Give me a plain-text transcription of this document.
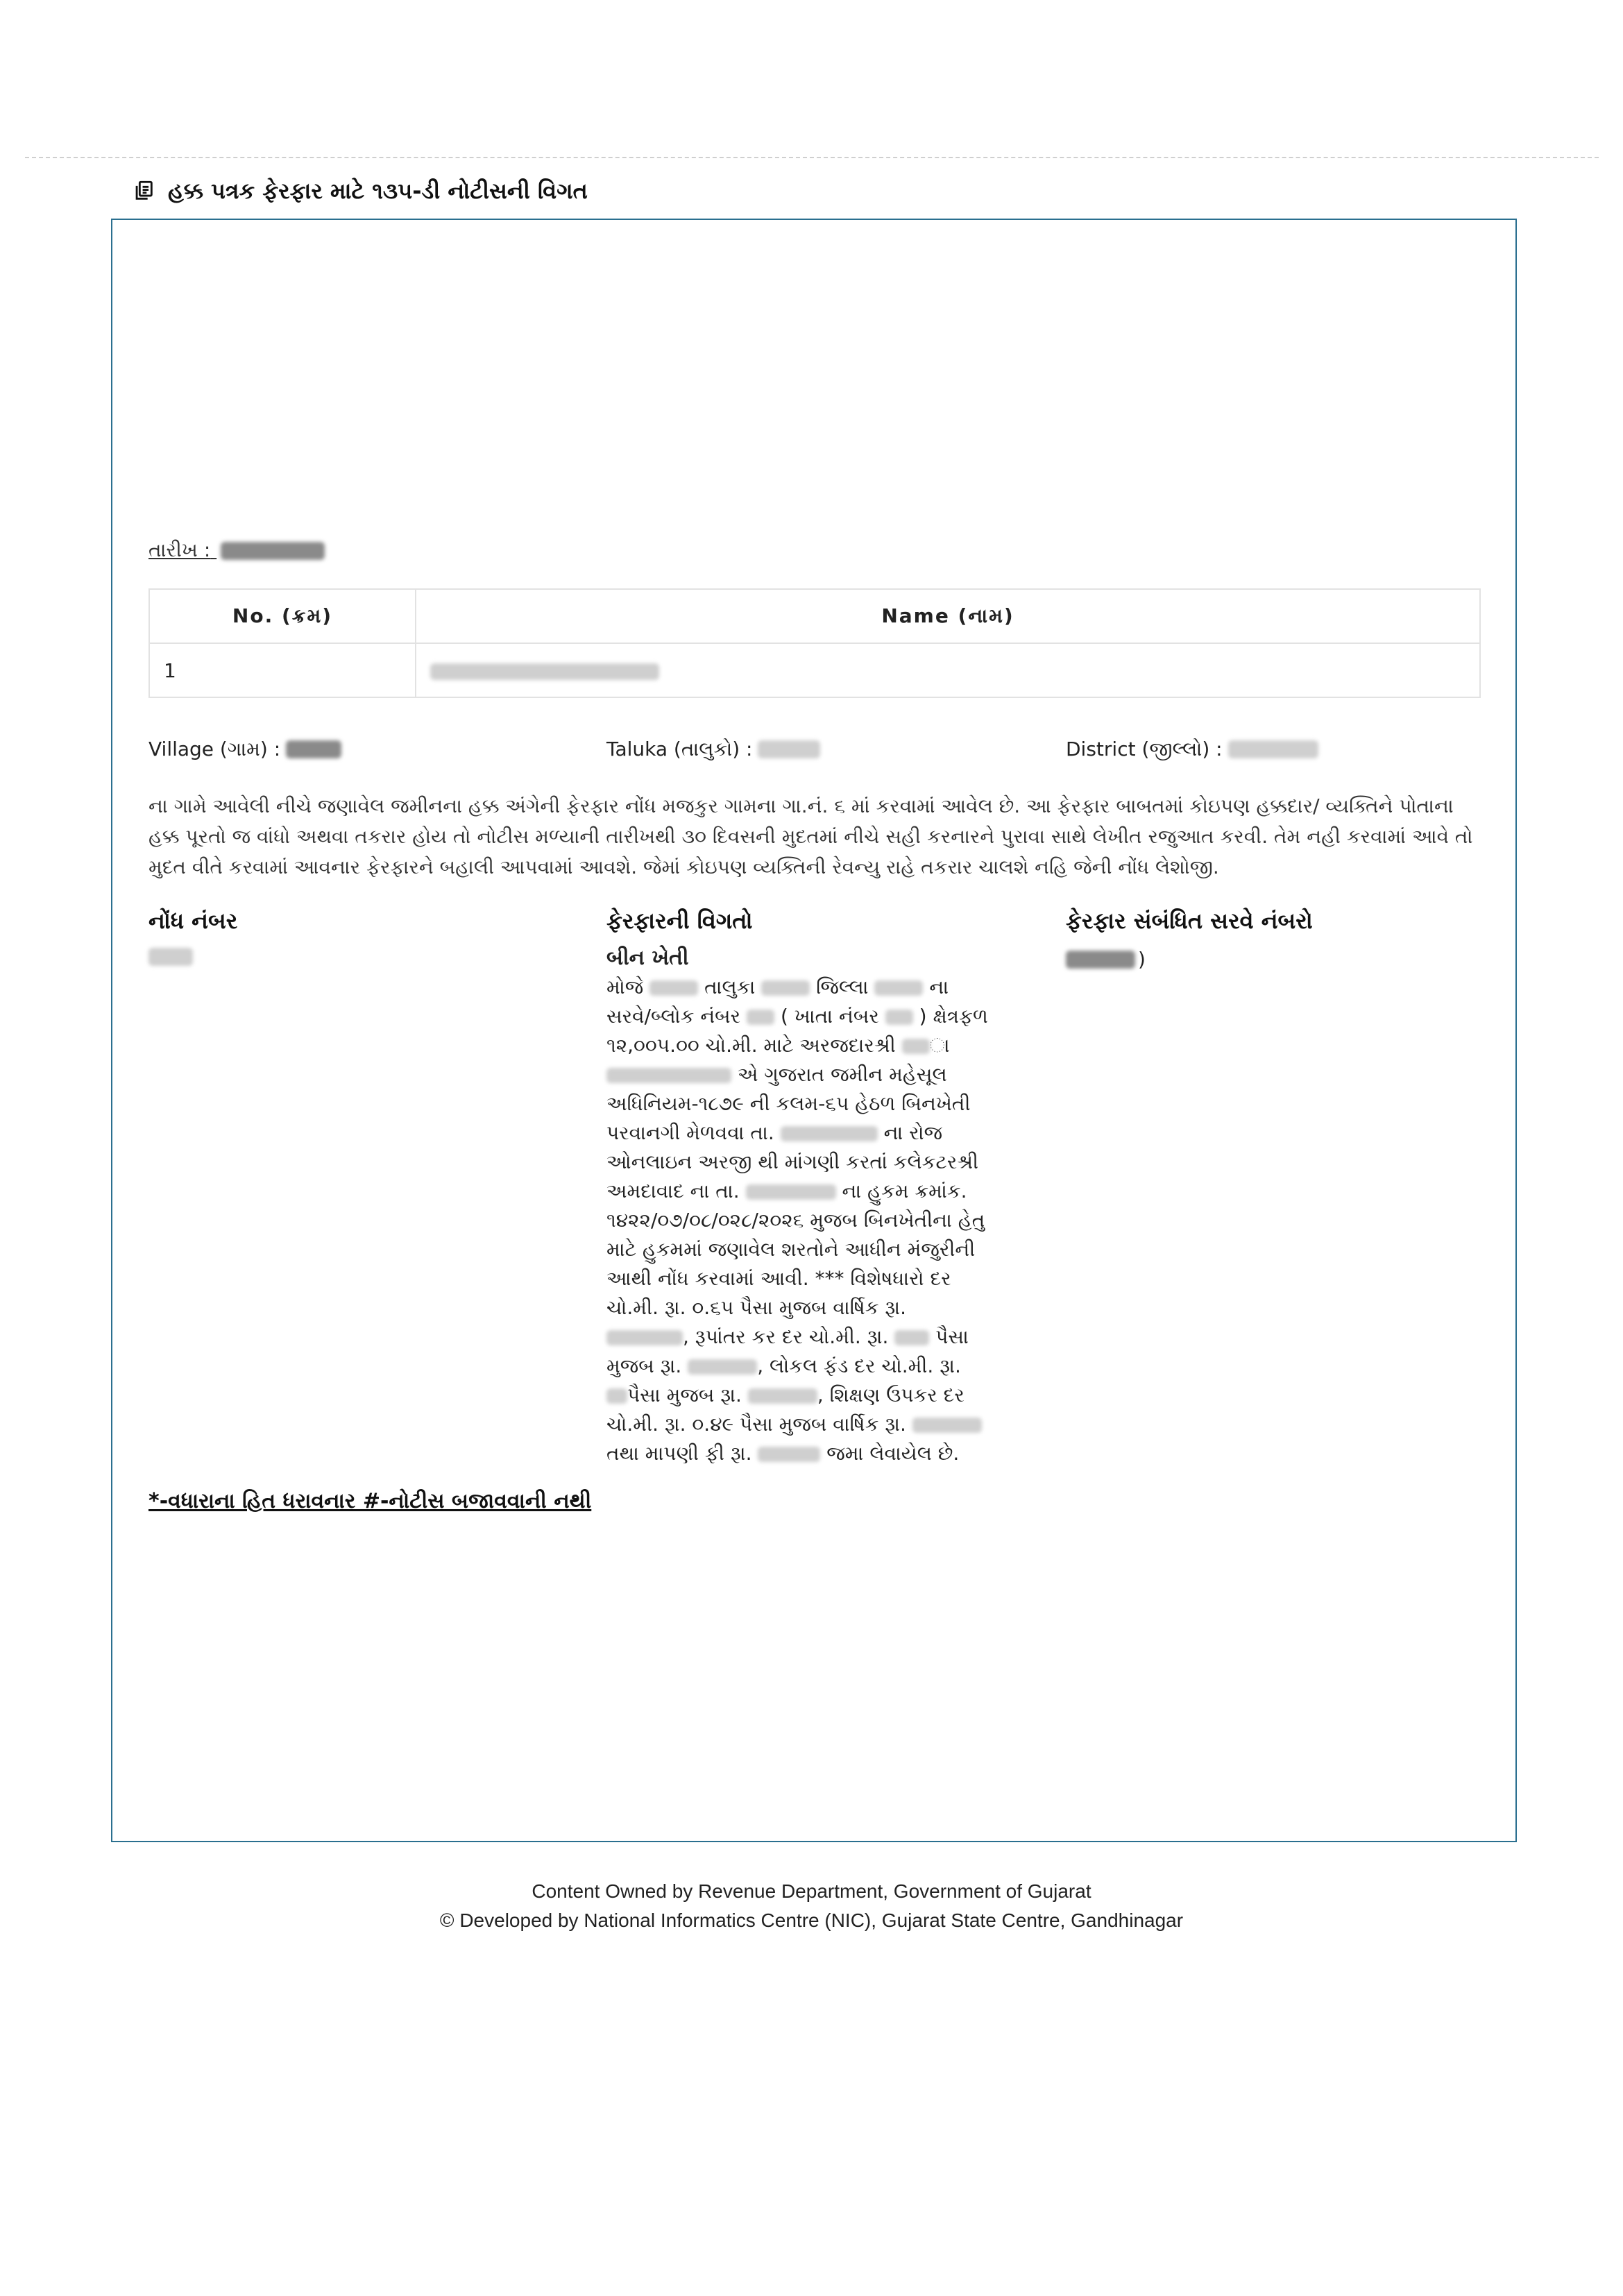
હક્ક પત્રક ફેરફાર માટે ૧૩૫-ડી નોટીસની વિગત
તારીખ :
No. (ક્રમ)	Name (નામ)
1	
Village (ગામ) :	Taluka (તાલુકો) :	District (જીલ્લો) :
ના ગામે આવેલી નીચે જણાવેલ જમીનના હક્ક અંગેની ફેરફાર નોંધ મજકુર ગામના ગા.નં. ૬ માં કરવામાં આવેલ છે. આ ફેરફાર બાબતમાં કોઇપણ હક્કદાર/ વ્યક્તિને પોતાના હક્ક પૂરતો જ વાંધો અથવા તકરાર હોય તો નોટીસ મળ્યાની તારીખથી ૩૦ દિવસની મુદતમાં નીચે સહી કરનારને પુરાવા સાથે લેખીત રજુઆત કરવી. તેમ નહી કરવામાં આવે તો મુદત વીતે કરવામાં આવનાર ફેરફારને બહાલી આપવામાં આવશે. જેમાં કોઇપણ વ્યક્તિની રેવન્યુ રાહે તકરાર ચાલશે નહિ જેની નોંધ લેશોજી.
નોંધ નંબર	ફેરફારની વિગતો	ફેરફાર સંબંધિત સરવે નંબરો
બીન ખેતી
મોજે	તાલુકા	જિલ્લા	ના
સરવે/બ્લોક નંબર ( ખાતા નંબર ) ક્ષેત્રફળ
૧૨,૦૦૫.૦૦ ચો.મી. માટે અરજદારશ્રી ા
એ ગુજરાત જમીન મહેસૂલ
અધિનિયમ-૧૮૭૯ ની કલમ-૬૫ હેઠળ બિનખેતી
પરવાનગી મેળવવા તા.	ના રોજ
ઓનલાઇન અરજી થી માંગણી કરતાં કલેકટરશ્રી
અમદાવાદ ના તા.	ના હુકમ ક્રમાંક.
૧૪૨૨/૦૭/૦૮/૦૨૮/૨૦૨૬ મુજબ બિનખેતીના હેતુ
માટે હુકમમાં જણાવેલ શરતોને આધીન મંજુરીની
આથી નોંધ કરવામાં આવી. *** વિશેષધારો દર
ચો.મી. રૂા. ૦.૬૫ પૈસા મુજબ વાર્ષિક રૂા.
, રૂપાંતર કર દર ચો.મી. રૂા. પૈસા
મુજબ રૂા.	, લોકલ ફંડ દર ચો.મી. રૂા.
પૈસા મુજબ રૂા.	, શિક્ષણ ઉપકર દર
ચો.મી. રૂા. ૦.૪૯ પૈસા મુજબ વાર્ષિક રૂા.
તથા માપણી ફી રૂા.	જમા લેવાયેલ છે.
)
*-વધારાના હિત ધરાવનાર #-નોટીસ બજાવવાની નથી
Content Owned by Revenue Department, Government of Gujarat
© Developed by National Informatics Centre (NIC), Gujarat State Centre, Gandhinagar
